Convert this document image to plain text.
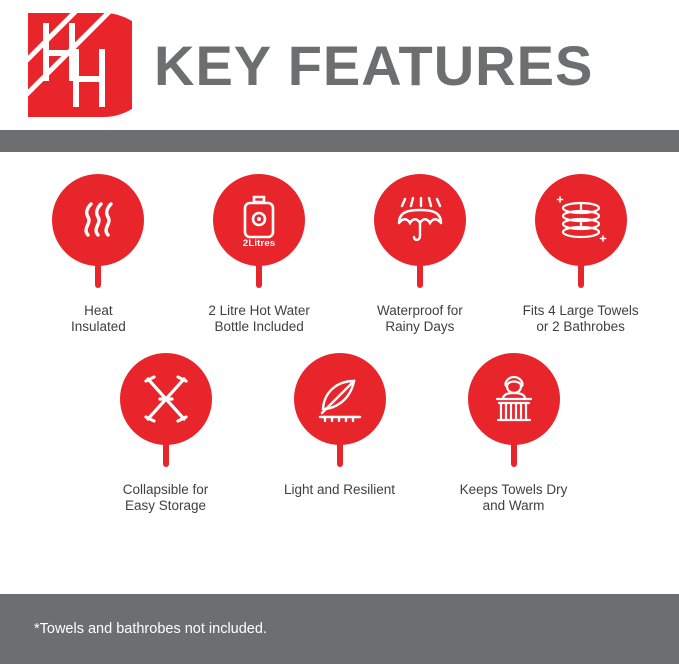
KEY FEATURES
Heat
Insulated
2Litres
2 Litre Hot Water
Bottle Included
Waterproof for
Rainy Days
Fits 4 Large Towels
or 2 Bathrobes
Collapsible for
Easy Storage
Light and Resilient	Keeps Towels Dry
and Warm
*Towels and bathrobes not included.
